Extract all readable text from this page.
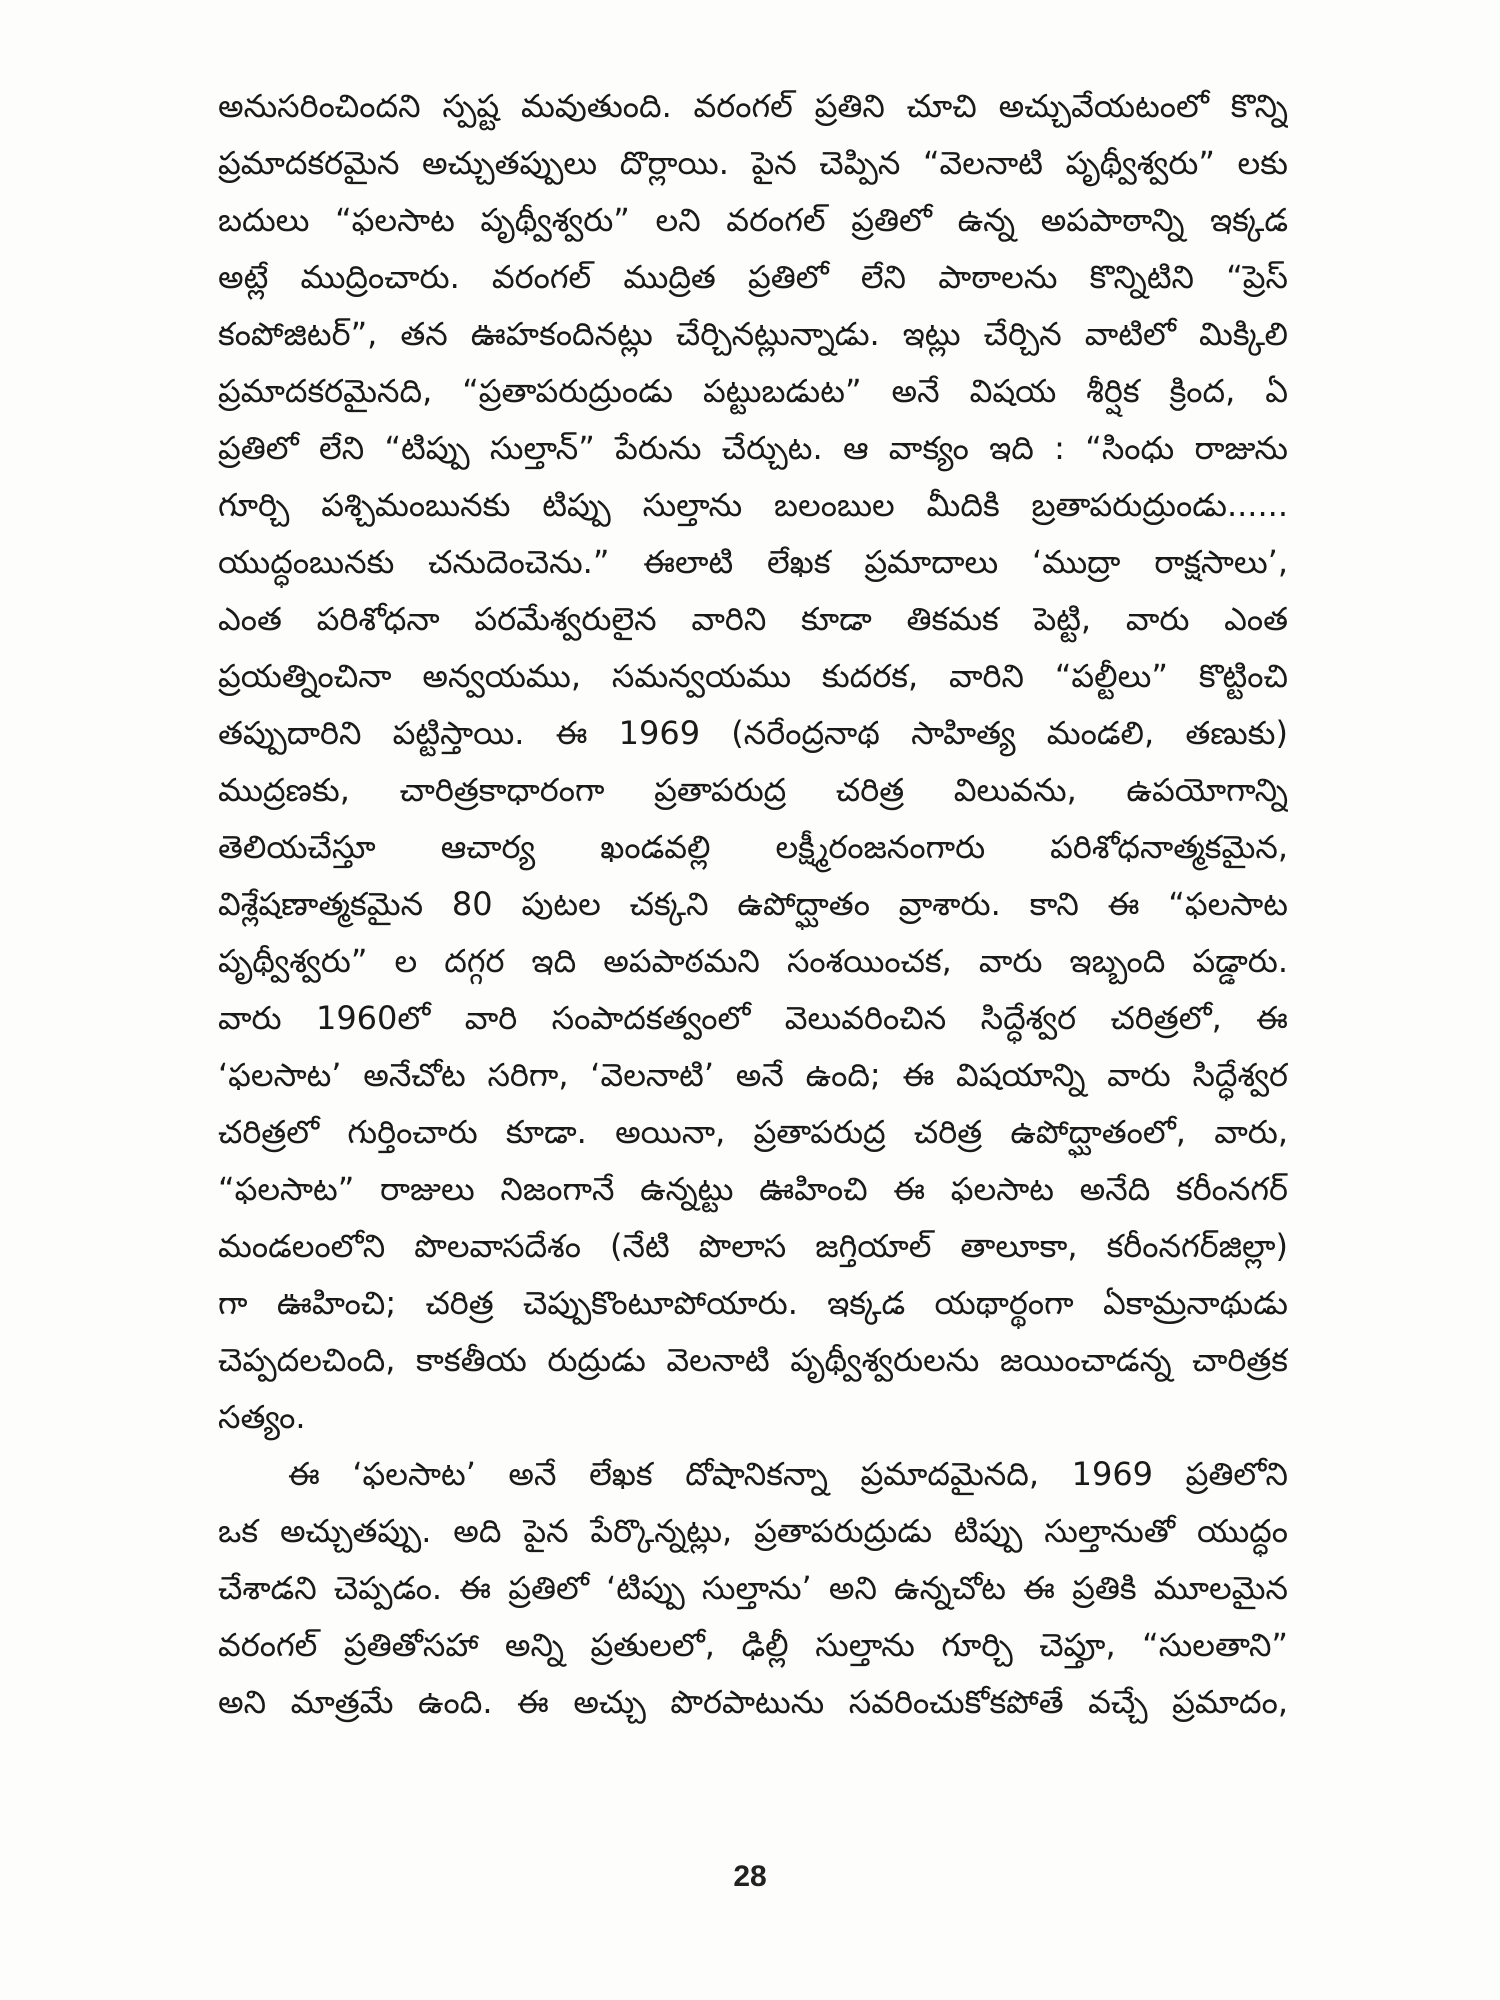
అనుసరించిందని స్పష్ట మవుతుంది. వరంగల్ ప్రతిని చూచి అచ్చువేయటంలో కొన్ని
ప్రమాదకరమైన అచ్చుతప్పులు దొర్లాయి. పైన చెప్పిన “వెలనాటి పృథ్వీశ్వరు” లకు
బదులు “ఫలసాట పృథ్వీశ్వరు” లని వరంగల్ ప్రతిలో ఉన్న అపపాఠాన్ని ఇక్కడ
అట్లే ముద్రించారు. వరంగల్ ముద్రిత ప్రతిలో లేని పాఠాలను కొన్నిటిని “ప్రెస్
కంపోజిటర్”, తన ఊహకందినట్లు చేర్చినట్లున్నాడు. ఇట్లు చేర్చిన వాటిలో మిక్కిలి
ప్రమాదకరమైనది, “ప్రతాపరుద్రుండు పట్టుబడుట” అనే విషయ శీర్షిక క్రింద, ఏ
ప్రతిలో లేని “టిప్పు సుల్తాన్” పేరును చేర్చుట. ఆ వాక్యం ఇది : “సింధు రాజును
గూర్చి పశ్చిమంబునకు టిప్పు సుల్తాను బలంబుల మీదికి బ్రతాపరుద్రుండు......
యుద్ధంబునకు చనుదెంచెను.” ఈలాటి లేఖక ప్రమాదాలు ‘ముద్రా రాక్షసాలు’,
ఎంత పరిశోధనా పరమేశ్వరులైన వారిని కూడా తికమక పెట్టి, వారు ఎంత
ప్రయత్నించినా అన్వయము, సమన్వయము కుదరక, వారిని “పల్టీలు” కొట్టించి
తప్పుదారిని పట్టిస్తాయి. ఈ 1969 (నరేంద్రనాథ సాహిత్య మండలి, తణుకు)
ముద్రణకు, చారిత్రకాధారంగా ప్రతాపరుద్ర చరిత్ర విలువను, ఉపయోగాన్ని
తెలియచేస్తూ ఆచార్య ఖండవల్లి లక్ష్మీరంజనంగారు పరిశోధనాత్మకమైన,
విశ్లేషణాత్మకమైన 80 పుటల చక్కని ఉపోద్ఘాతం వ్రాశారు. కాని ఈ “ఫలసాట
పృథ్వీశ్వరు” ల దగ్గర ఇది అపపాఠమని సంశయించక, వారు ఇబ్బంది పడ్డారు.
వారు 1960లో వారి సంపాదకత్వంలో వెలువరించిన సిద్ధేశ్వర చరిత్రలో, ఈ
‘ఫలసాట’ అనేచోట సరిగా, ‘వెలనాటి’ అనే ఉంది; ఈ విషయాన్ని వారు సిద్ధేశ్వర
చరిత్రలో గుర్తించారు కూడా. అయినా, ప్రతాపరుద్ర చరిత్ర ఉపోద్ఘాతంలో, వారు,
“ఫలసాట” రాజులు నిజంగానే ఉన్నట్టు ఊహించి ఈ ఫలసాట అనేది కరీంనగర్
మండలంలోని పొలవాసదేశం (నేటి పొలాస జగ్తియాల్ తాలూకా, కరీంనగర్‌జిల్లా)
గా ఊహించి; చరిత్ర చెప్పుకొంటూపోయారు. ఇక్కడ యథార్థంగా ఏకామ్రనాథుడు
చెప్పదలచింది, కాకతీయ రుద్రుడు వెలనాటి పృథ్వీశ్వరులను జయించాడన్న చారిత్రక
సత్యం.
ఈ ‘ఫలసాట’ అనే లేఖక దోషానికన్నా ప్రమాదమైనది, 1969 ప్రతిలోని
ఒక అచ్చుతప్పు. అది పైన పేర్కొన్నట్లు, ప్రతాపరుద్రుడు టిప్పు సుల్తానుతో యుద్ధం
చేశాడని చెప్పడం. ఈ ప్రతిలో ‘టిప్పు సుల్తాను’ అని ఉన్నచోట ఈ ప్రతికి మూలమైన
వరంగల్ ప్రతితోసహా అన్ని ప్రతులలో, ఢిల్లీ సుల్తాను గూర్చి చెప్తూ, “సులతాని”
అని మాత్రమే ఉంది. ఈ అచ్చు పొరపాటును సవరించుకోకపోతే వచ్చే ప్రమాదం,
28
